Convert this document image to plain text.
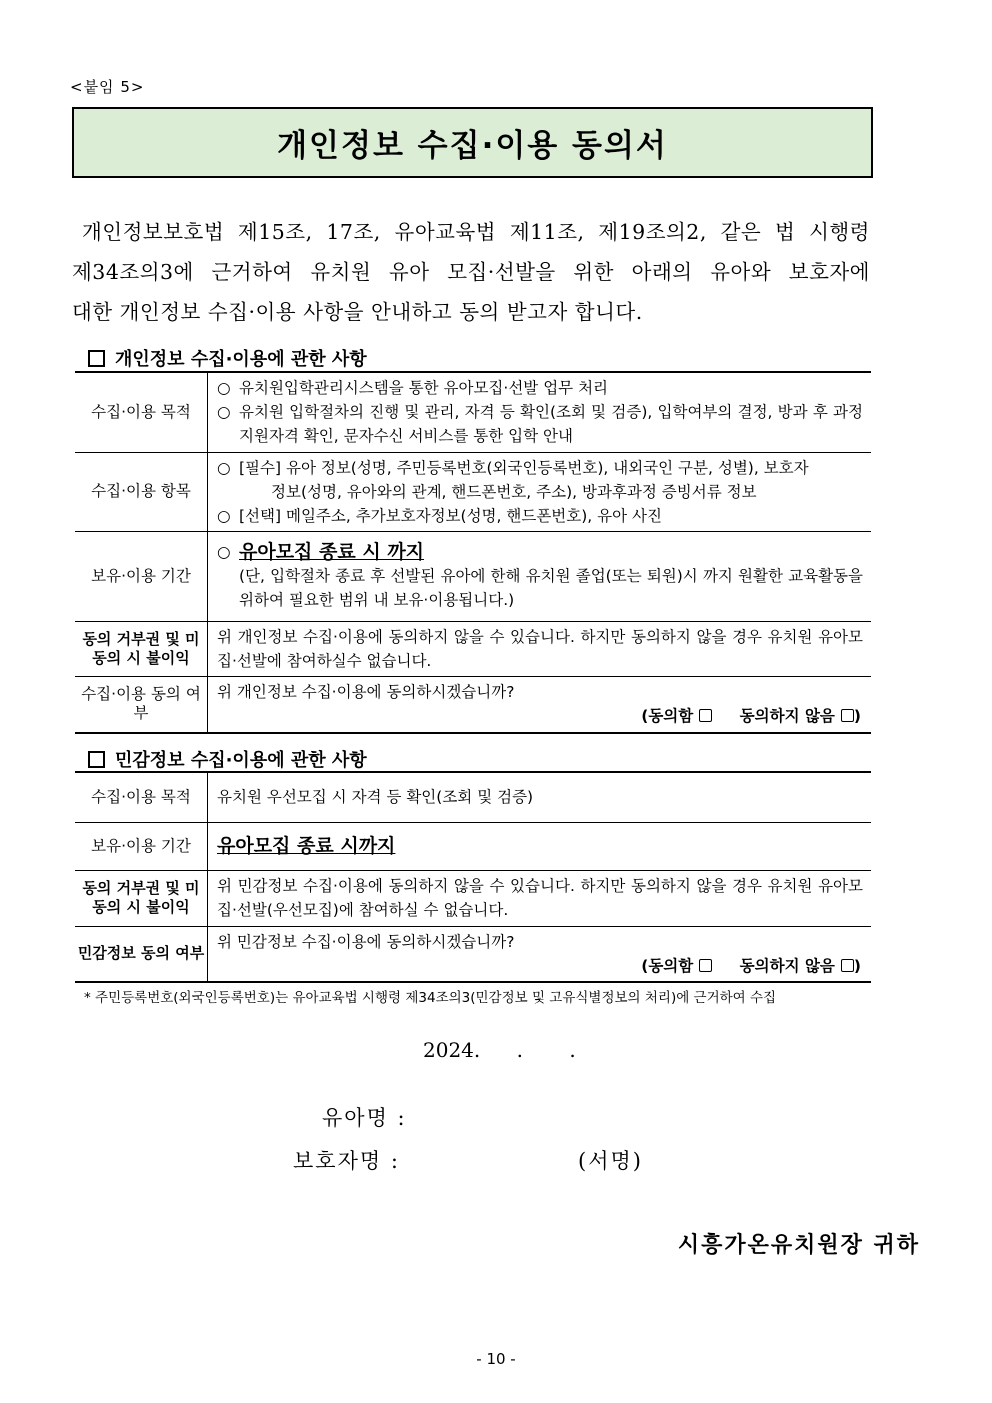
<붙임 5>
개인정보 수집·이용 동의서
개인정보보호법 제15조, 17조, 유아교육법 제11조, 제19조의2, 같은 법 시행령
제34조의3에 근거하여 유치원 유아 모집·선발을 위한 아래의 유아와 보호자에
대한 개인정보 수집·이용 사항을 안내하고 동의 받고자 합니다.
개인정보 수집·이용에 관한 사항
수집·이용 목적	○ 유치원입학관리시스템을 통한 유아모집·선발 업무 처리
○ 유치원 입학절차의 진행 및 관리, 자격 등 확인(조회 및 검증), 입학여부의 결정, 방과 후 과정 지원자격 확인, 문자수신 서비스를 통한 입학 안내

수집·이용 항목	○ [필수] 유아 정보(성명, 주민등록번호(외국인등록번호), 내외국인 구분, 성별), 보호자
정보(성명, 유아와의 관계, 핸드폰번호, 주소), 방과후과정 증빙서류 정보
○ [선택] 메일주소, 추가보호자정보(성명, 핸드폰번호), 유아 사진

보유·이용 기간	○ 유아모집 종료 시 까지
(단, 입학절차 종료 후 선발된 유아에 한해 유치원 졸업(또는 퇴원)시 까지 원활한 교육활동을 위하여 필요한 범위 내 보유·이용됩니다.)

동의 거부권 및 미동의 시 불이익	위 개인정보 수집·이용에 동의하지 않을 수 있습니다. 하지만 동의하지 않을 경우 유치원 유아모집·선발에 참여하실수 없습니다.
수집·이용 동의 여부	위 개인정보 수집·이용에 동의하시겠습니까?
(동의함 동의하지 않음 )
민감정보 수집·이용에 관한 사항
수집·이용 목적	유치원 우선모집 시 자격 등 확인(조회 및 검증)
보유·이용 기간	유아모집 종료 시까지
동의 거부권 및 미동의 시 불이익	위 민감정보 수집·이용에 동의하지 않을 수 있습니다. 하지만 동의하지 않을 경우 유치원 유아모집·선발(우선모집)에 참여하실 수 없습니다.
민감정보 동의 여부	위 민감정보 수집·이용에 동의하시겠습니까?
(동의함 동의하지 않음 )
* 주민등록번호(외국인등록번호)는 유아교육법 시행령 제34조의3(민감정보 및 고유식별정보의 처리)에 근거하여 수집
2024. . .
유아명 :
보호자명 :	(서명)
시흥가온유치원장 귀하
- 10 -
